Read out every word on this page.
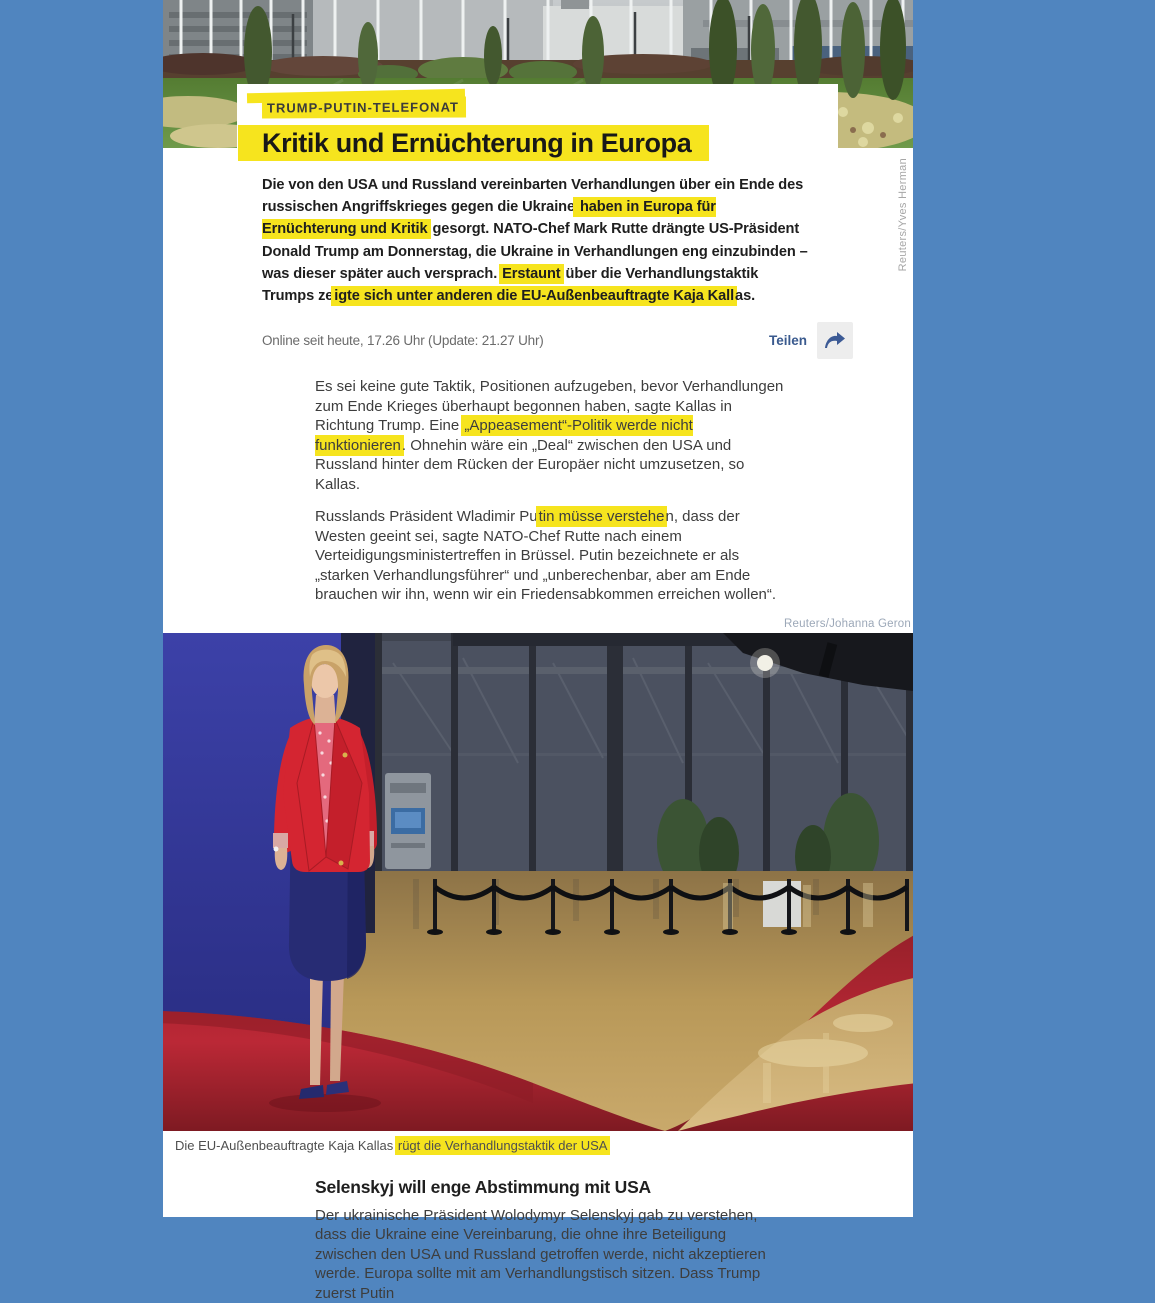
Reuters/Yves Herman
TRUMP-PUTIN-TELEFONAT
Kritik und Ernüchterung in Europa

Die von den USA und Russland vereinbarten Verhandlungen über ein Ende des russischen Angriffskrieges gegen die Ukraine haben in Europa für Ernüchterung und Kritik gesorgt. NATO-Chef Mark Rutte drängte US-Präsident Donald Trump am Donnerstag, die Ukraine in Verhandlungen eng einzubinden – was dieser später auch versprach. Erstaunt über die Verhandlungstaktik Trumps zeigte sich unter anderen die EU-Außenbeauftragte Kaja Kallas.

Online seit heute, 17.26 Uhr (Update: 21.27 Uhr)	Teilen

Es sei keine gute Taktik, Positionen aufzugeben, bevor Verhandlungen zum Ende Krieges überhaupt begonnen haben, sagte Kallas in Richtung Trump. Eine „Appeasement“-Politik werde nicht funktionieren. Ohnehin wäre ein „Deal“ zwischen den USA und Russland hinter dem Rücken der Europäer nicht umzusetzen, so Kallas.

Russlands Präsident Wladimir Putin müsse verstehen, dass der Westen geeint sei, sagte NATO-Chef Rutte nach einem Verteidigungsministertreffen in Brüssel. Putin bezeichnete er als „starken Verhandlungsführer“ und „unberechenbar, aber am Ende brauchen wir ihn, wenn wir ein Friedensabkommen erreichen wollen“.

Reuters/Johanna Geron
Die EU-Außenbeauftragte Kaja Kallas rügt die Verhandlungstaktik der USA
Selenskyj will enge Abstimmung mit USA

Der ukrainische Präsident Wolodymyr Selenskyj gab zu verstehen, dass die Ukraine eine Vereinbarung, die ohne ihre Beteiligung zwischen den USA und Russland getroffen werde, nicht akzeptieren werde. Europa sollte mit am Verhandlungstisch sitzen. Dass Trump zuerst Putin
